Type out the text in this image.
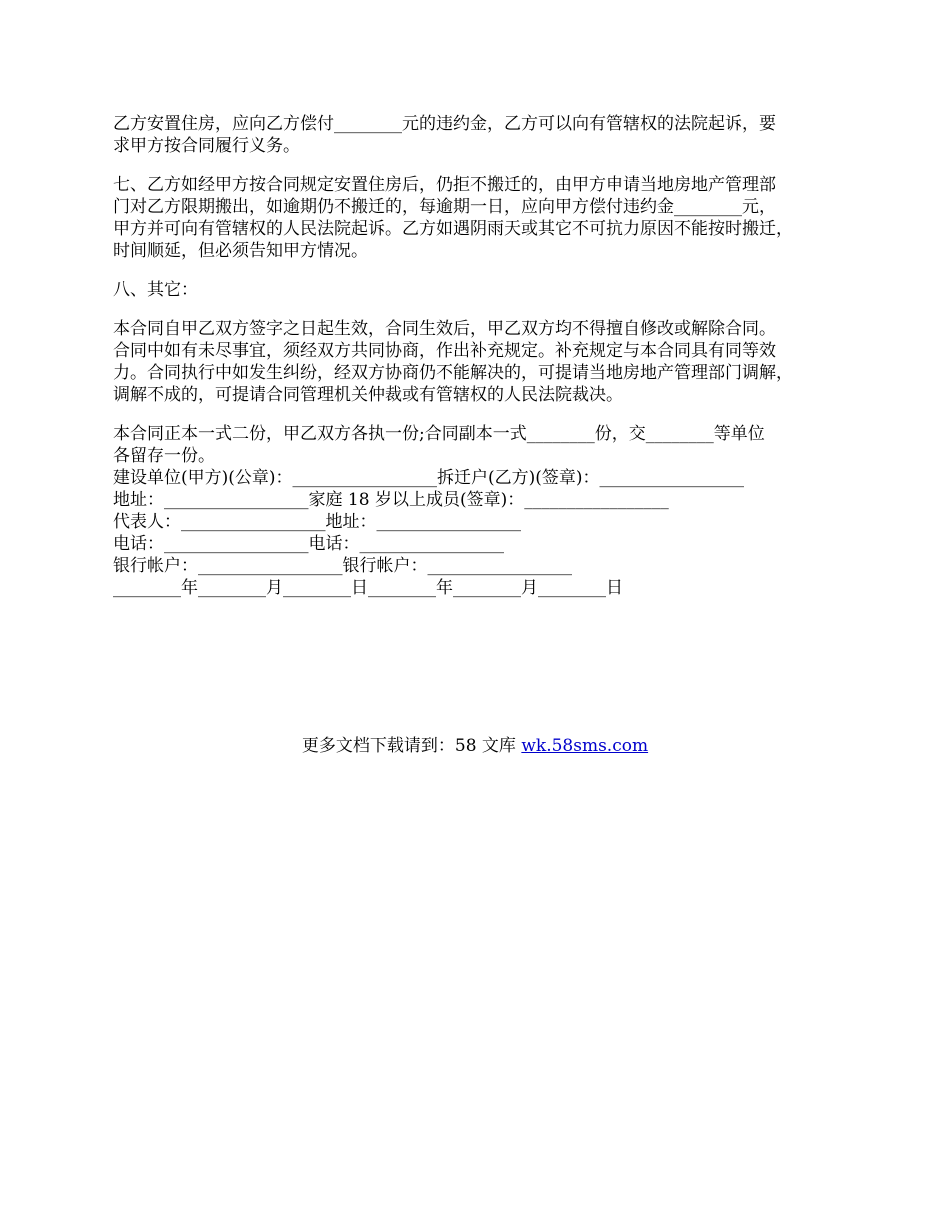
乙方安置住房，应向乙方偿付________元的违约金，乙方可以向有管辖权的法院起诉，要
求甲方按合同履行义务。

七、乙方如经甲方按合同规定安置住房后，仍拒不搬迁的，由甲方申请当地房地产管理部
门对乙方限期搬出，如逾期仍不搬迁的，每逾期一日，应向甲方偿付违约金________元，
甲方并可向有管辖权的人民法院起诉。乙方如遇阴雨天或其它不可抗力原因不能按时搬迁，
时间顺延，但必须告知甲方情况。

八、其它：

本合同自甲乙双方签字之日起生效，合同生效后，甲乙双方均不得擅自修改或解除合同。
合同中如有未尽事宜，须经双方共同协商，作出补充规定。补充规定与本合同具有同等效
力。合同执行中如发生纠纷，经双方协商仍不能解决的，可提请当地房地产管理部门调解，
调解不成的，可提请合同管理机关仲裁或有管辖权的人民法院裁决。

本合同正本一式二份，甲乙双方各执一份;合同副本一式________份，交________等单位
各留存一份。

建设单位(甲方)(公章)：_________________拆迁户(乙方)(签章)：_________________

地址：_________________家庭 18 岁以上成员(签章)：_________________

代表人：_________________地址：_________________

电话：_________________电话：_________________

银行帐户：_________________银行帐户：_________________

________年________月________日________年________月________日

更多文档下载请到：58 文库 wk.58sms.com
